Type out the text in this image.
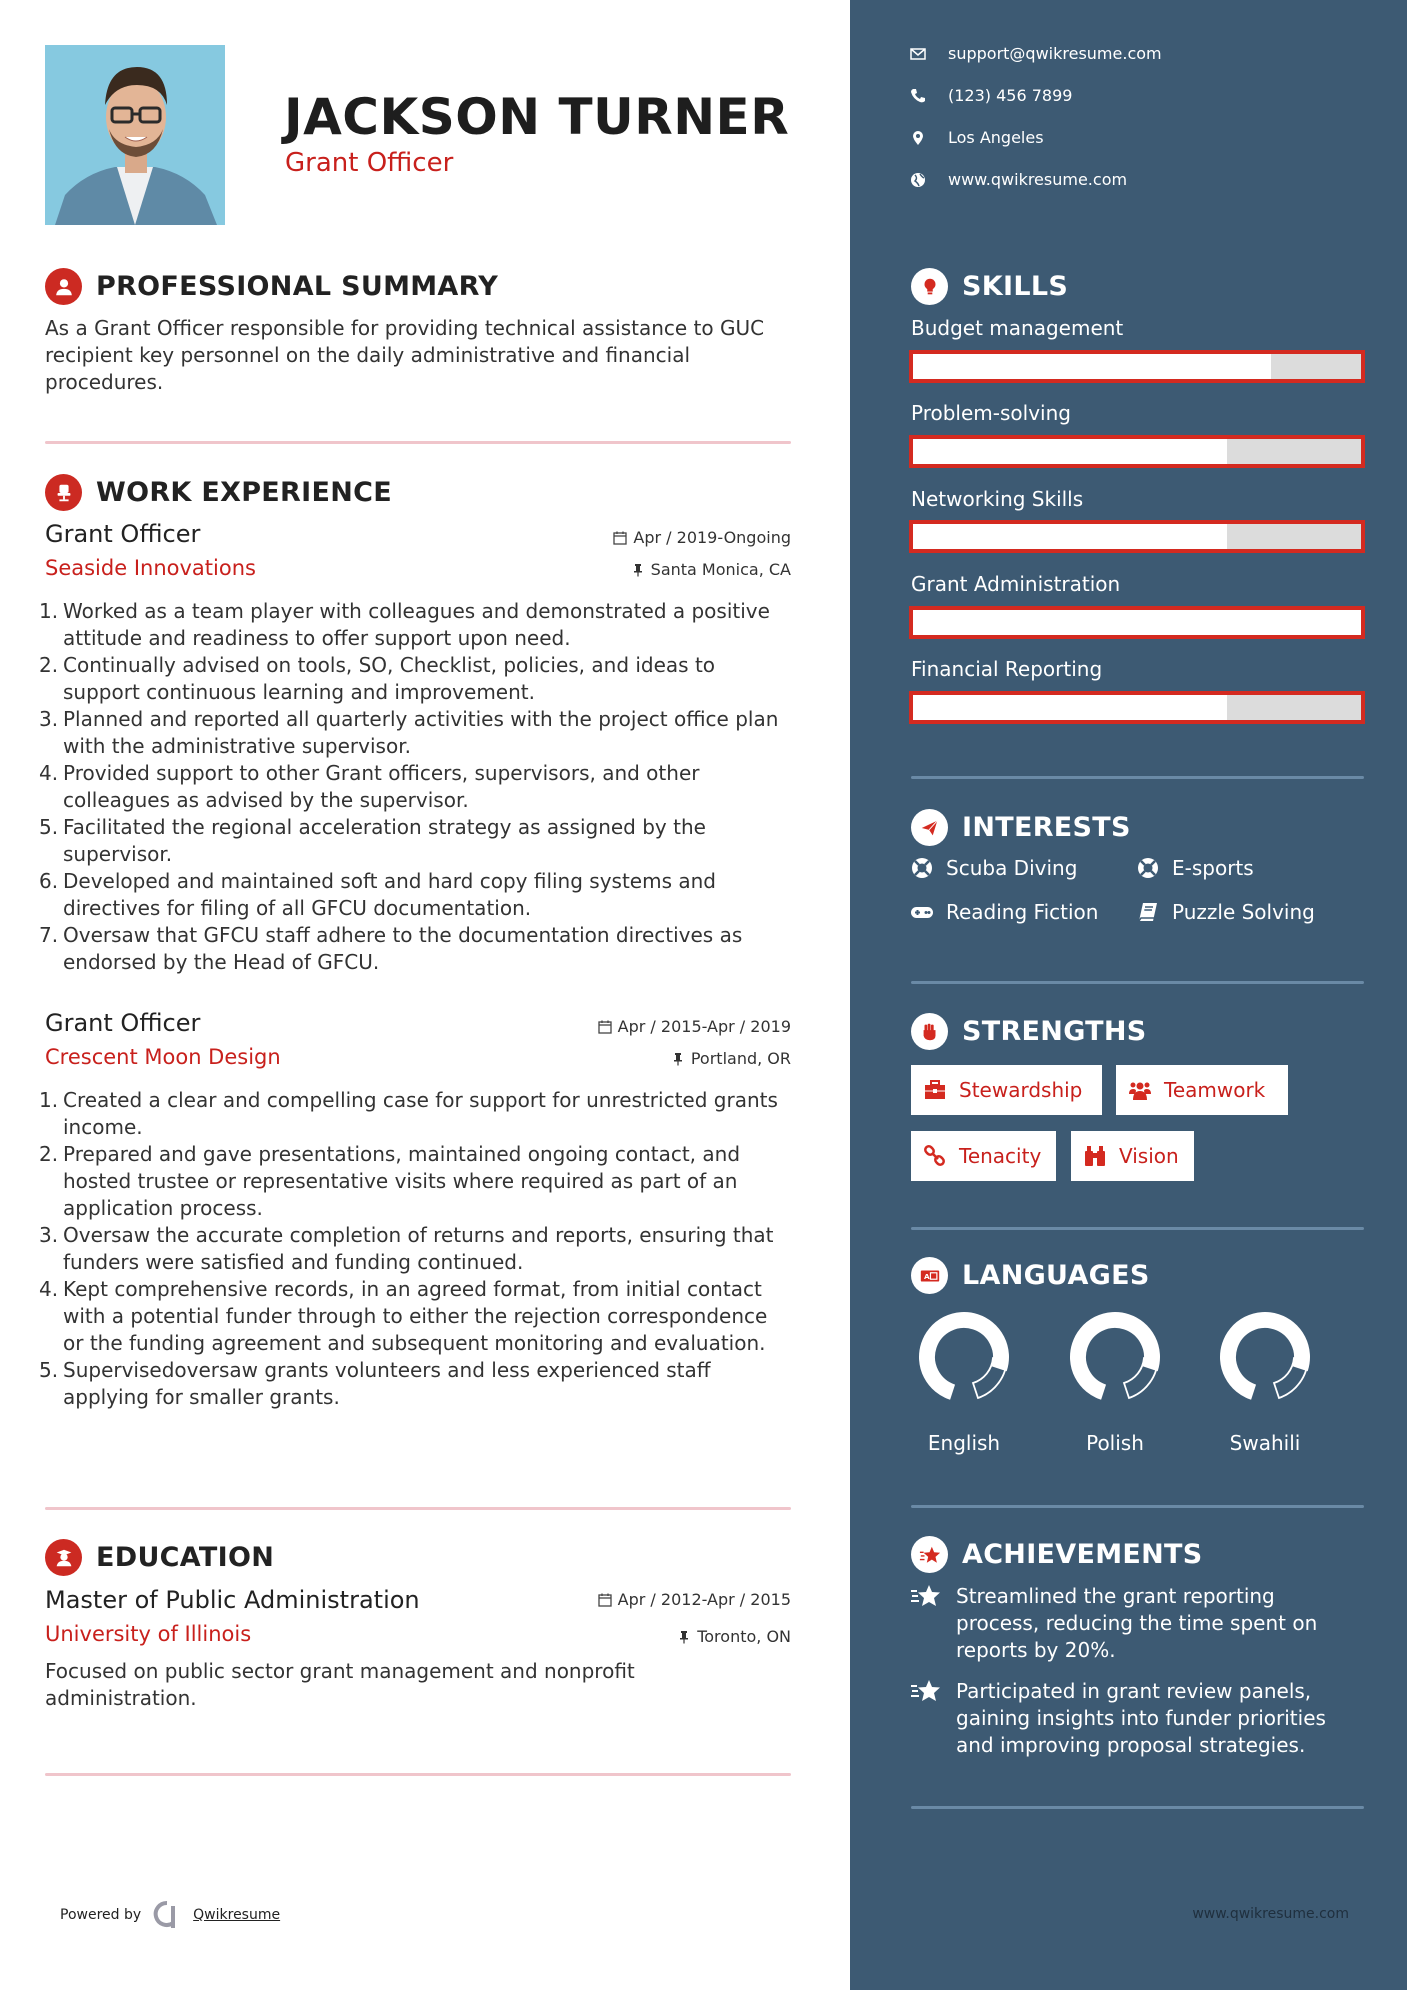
JACKSON TURNER
Grant Officer
PROFESSIONAL SUMMARY
As a Grant Officer responsible for providing technical assistance to GUC recipient key personnel on the daily administrative and financial procedures.
WORK EXPERIENCE
Grant Officer
Seaside Innovations
Apr / 2019-Ongoing
Santa Monica, CA
1. Worked as a team player with colleagues and demonstrated a positive attitude and readiness to offer support upon need.
2. Continually advised on tools, SO, Checklist, policies, and ideas to support continuous learning and improvement.
3. Planned and reported all quarterly activities with the project office plan with the administrative supervisor.
4. Provided support to other Grant officers, supervisors, and other colleagues as advised by the supervisor.
5. Facilitated the regional acceleration strategy as assigned by the supervisor.
6. Developed and maintained soft and hard copy filing systems and directives for filing of all GFCU documentation.
7. Oversaw that GFCU staff adhere to the documentation directives as endorsed by the Head of GFCU.
Grant Officer
Crescent Moon Design
Apr / 2015-Apr / 2019
Portland, OR
1. Created a clear and compelling case for support for unrestricted grants income.
2. Prepared and gave presentations, maintained ongoing contact, and hosted trustee or representative visits where required as part of an application process.
3. Oversaw the accurate completion of returns and reports, ensuring that funders were satisfied and funding continued.
4. Kept comprehensive records, in an agreed format, from initial contact with a potential funder through to either the rejection correspondence or the funding agreement and subsequent monitoring and evaluation.
5. Supervisedoversaw grants volunteers and less experienced staff applying for smaller grants.
EDUCATION
Master of Public Administration
University of Illinois
Apr / 2012-Apr / 2015
Toronto, ON
Focused on public sector grant management and nonprofit administration.
Powered by	Qwikresume
support@qwikresume.com
(123) 456 7899
Los Angeles
www.qwikresume.com
SKILLS
Budget management
Problem-solving
Networking Skills
Grant Administration
Financial Reporting
INTERESTS
Scuba Diving	E-sports
Reading Fiction	Puzzle Solving
STRENGTHS
Stewardship	Teamwork
Tenacity	Vision
A LANGUAGES
English	Polish	Swahili
ACHIEVEMENTS
Streamlined the grant reporting process, reducing the time spent on reports by 20%.
Participated in grant review panels, gaining insights into funder priorities and improving proposal strategies.
www.qwikresume.com
